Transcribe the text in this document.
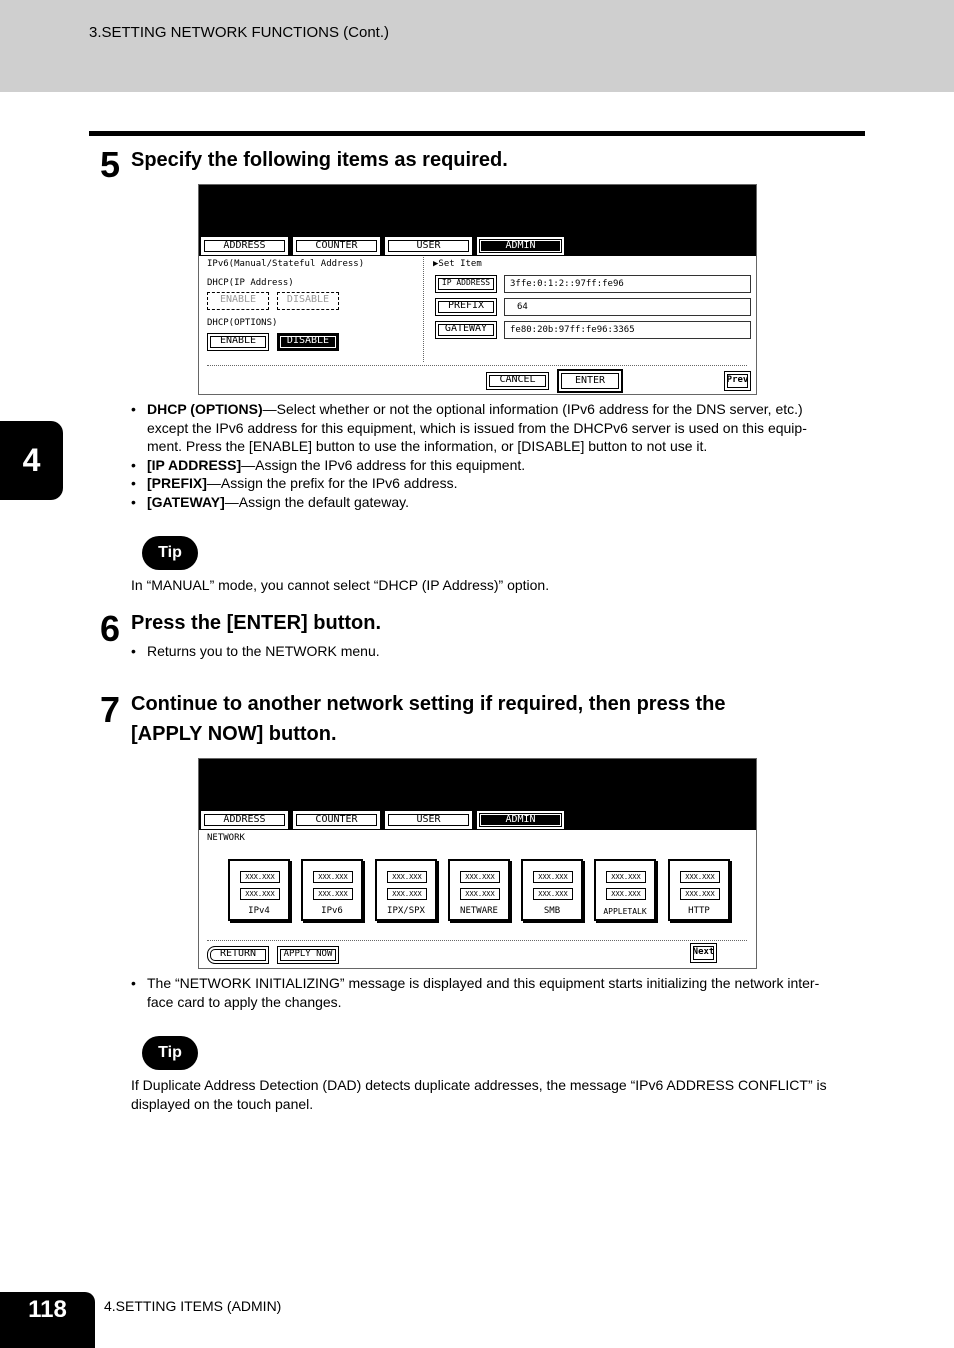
3.SETTING NETWORK FUNCTIONS (Cont.)
4
5 Specify the following items as required.
ADDRESS	COUNTER	USER	ADMIN
IPv6(Manual/Stateful Address)
DHCP(IP Address)
ENABLE	DISABLE
DHCP(OPTIONS)
ENABLE	DISABLE
▶Set Item
IP ADDRESS	3ffe:0:1:2::97ff:fe96
PREFIX	64
GATEWAY	fe80:20b:97ff:fe96:3365
CANCEL	ENTER	Prev
• DHCP (OPTIONS)—Select whether or not the optional information (IPv6 address for the DNS server, etc.)
except the IPv6 address for this equipment, which is issued from the DHCPv6 server is used on this equip-
ment. Press the [ENABLE] button to use the information, or [DISABLE] button to not use it.
• [IP ADDRESS]—Assign the IPv6 address for this equipment.
• [PREFIX]—Assign the prefix for the IPv6 address.
• [GATEWAY]—Assign the default gateway.
Tip
In “MANUAL” mode, you cannot select “DHCP (IP Address)” option.
6 Press the [ENTER] button.
• Returns you to the NETWORK menu.
7 Continue to another network setting if required, then press the
[APPLY NOW] button.
ADDRESS	COUNTER	USER	ADMIN
NETWORK
XXX.XXX
XXX.XXX
IPv4
XXX.XXX
XXX.XXX
IPv6
XXX.XXX
XXX.XXX
IPX/SPX
XXX.XXX
XXX.XXX
NETWARE
XXX.XXX
XXX.XXX
SMB
XXX.XXX
XXX.XXX
APPLETALK
XXX.XXX
XXX.XXX
HTTP
RETURN	APPLY NOW	Next
• The “NETWORK INITIALIZING” message is displayed and this equipment starts initializing the network inter-
face card to apply the changes.
Tip
If Duplicate Address Detection (DAD) detects duplicate addresses, the message “IPv6 ADDRESS CONFLICT” is
displayed on the touch panel.
118	4.SETTING ITEMS (ADMIN)
